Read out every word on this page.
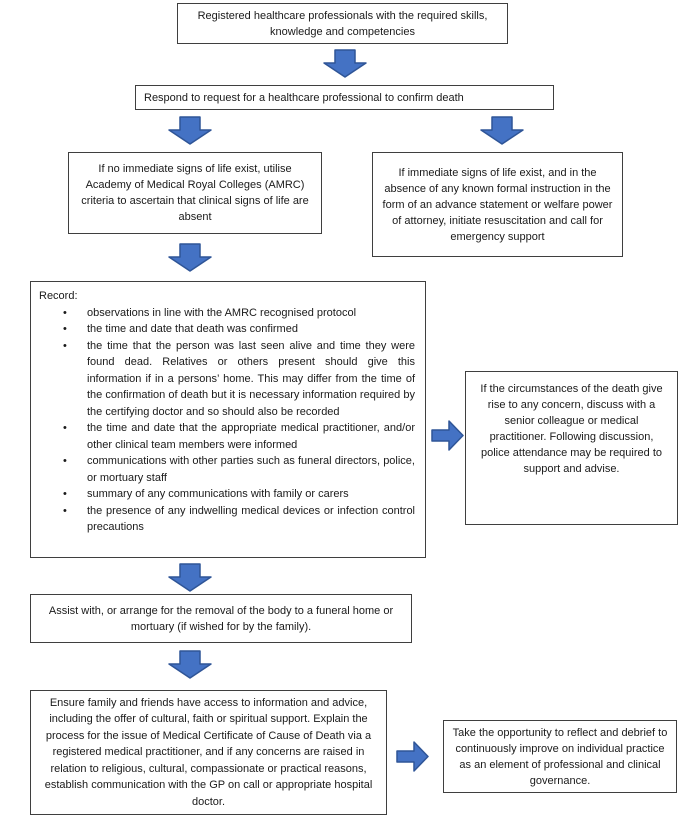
Registered healthcare professionals with the required skills, knowledge and competencies
Respond to request for a healthcare professional to confirm death
If no immediate signs of life exist, utilise Academy of Medical Royal Colleges (AMRC) criteria to ascertain that clinical signs of life are absent
If immediate signs of life exist, and in the absence of any known formal instruction in the form of an advance statement or welfare power of attorney, initiate resuscitation and call for emergency support
Record:
•	observations in line with the AMRC recognised protocol
•	the time and date that death was confirmed
•	the time that the person was last seen alive and time they were found dead. Relatives or others present should give this information if in a persons’ home. This may differ from the time of the confirmation of death but it is necessary information required by the certifying doctor and so should also be recorded
•	the time and date that the appropriate medical practitioner, and/or other clinical team members were informed
•	communications with other parties such as funeral directors, police, or mortuary staff
•	summary of any communications with family or carers
•	the presence of any indwelling medical devices or infection control precautions
If the circumstances of the death give rise to any concern, discuss with a senior colleague or medical practitioner. Following discussion, police attendance may be required to support and advise.
Assist with, or arrange for the removal of the body to a funeral home or mortuary (if wished for by the family).
Ensure family and friends have access to information and advice, including the offer of cultural, faith or spiritual support. Explain the process for the issue of Medical Certificate of Cause of Death via a registered medical practitioner, and if any concerns are raised in relation to religious, cultural, compassionate or practical reasons, establish communication with the GP on call or appropriate hospital doctor.
Take the opportunity to reflect and debrief to continuously improve on individual practice as an element of professional and clinical governance.
